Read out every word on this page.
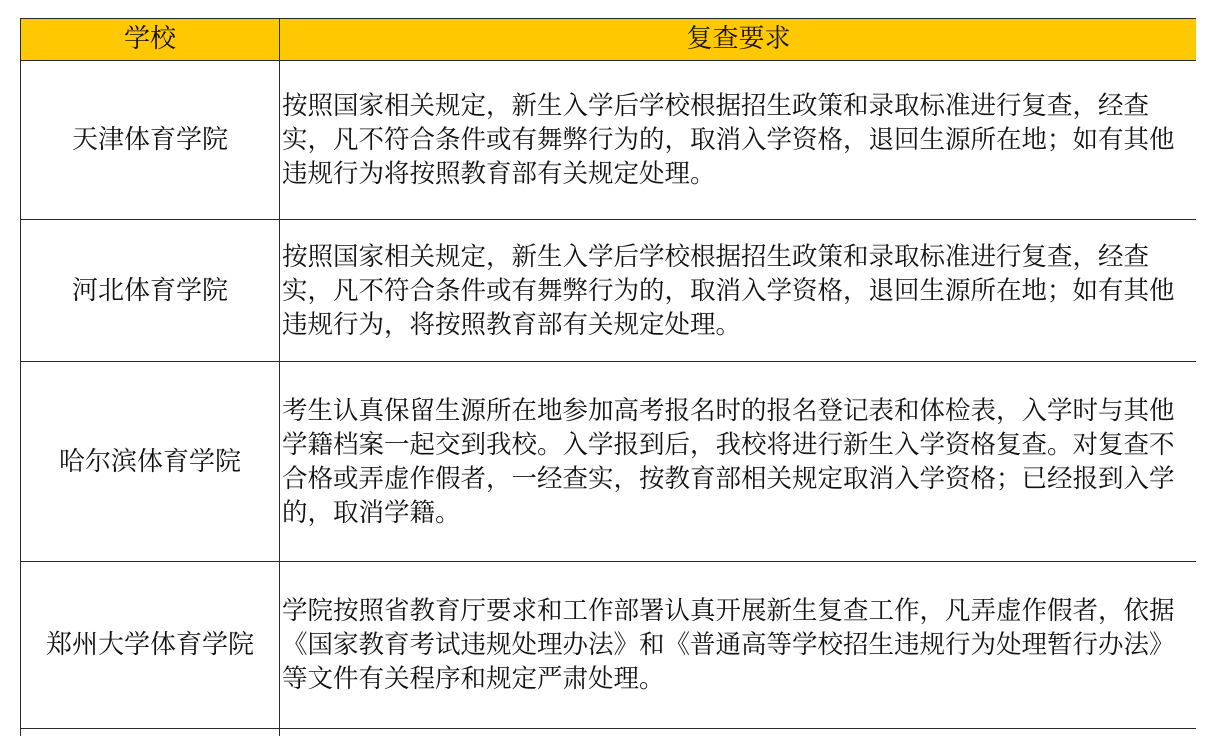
学校	复查要求
天津体育学院	按照国家相关规定，新生入学后学校根据招生政策和录取标准进行复查，经查实，凡不符合条件或有舞弊行为的，取消入学资格，退回生源所在地；如有其他违规行为将按照教育部有关规定处理。
河北体育学院	按照国家相关规定，新生入学后学校根据招生政策和录取标准进行复查，经查实，凡不符合条件或有舞弊行为的，取消入学资格，退回生源所在地；如有其他违规行为，将按照教育部有关规定处理。
哈尔滨体育学院	考生认真保留生源所在地参加高考报名时的报名登记表和体检表，入学时与其他学籍档案一起交到我校。入学报到后，我校将进行新生入学资格复查。对复查不合格或弄虚作假者，一经查实，按教育部相关规定取消入学资格；已经报到入学的，取消学籍。
郑州大学体育学院	学院按照省教育厅要求和工作部署认真开展新生复查工作，凡弄虚作假者，依据《国家教育考试违规处理办法》和《普通高等学校招生违规行为处理暂行办法》等文件有关程序和规定严肃处理。
